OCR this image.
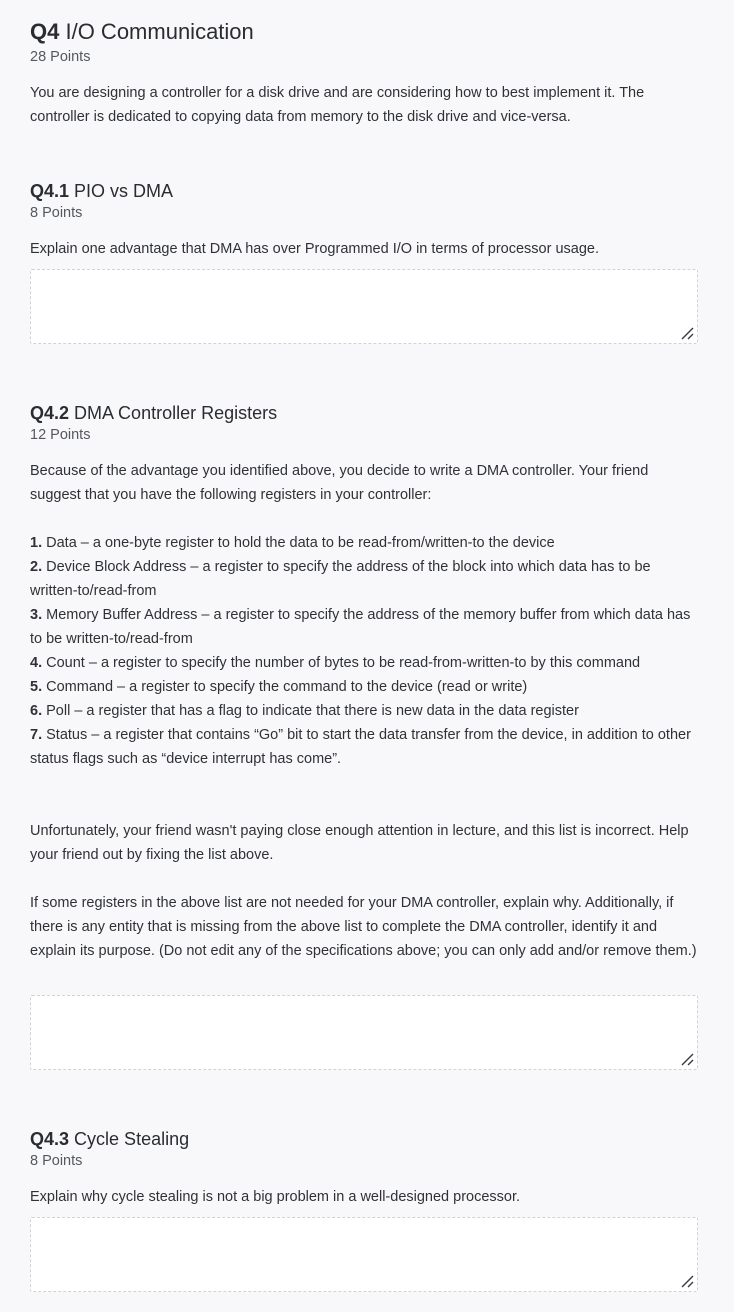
Q4 I/O Communication
28 Points

You are designing a controller for a disk drive and are considering how to best implement it. The controller is dedicated to copying data from memory to the disk drive and vice-versa.

Q4.1 PIO vs DMA
8 Points

Explain one advantage that DMA has over Programmed I/O in terms of processor usage.

Q4.2 DMA Controller Registers
12 Points

Because of the advantage you identified above, you decide to write a DMA controller. Your friend suggest that you have the following registers in your controller:

1. Data – a one-byte register to hold the data to be read-from/written-to the device
2. Device Block Address – a register to specify the address of the block into which data has to be written-to/read-from
3. Memory Buffer Address – a register to specify the address of the memory buffer from which data has to be written-to/read-from
4. Count – a register to specify the number of bytes to be read-from-written-to by this command
5. Command – a register to specify the command to the device (read or write)
6. Poll – a register that has a flag to indicate that there is new data in the data register
7. Status – a register that contains “Go” bit to start the data transfer from the device, in addition to other status flags such as “device interrupt has come”.

Unfortunately, your friend wasn't paying close enough attention in lecture, and this list is incorrect. Help your friend out by fixing the list above.

If some registers in the above list are not needed for your DMA controller, explain why. Additionally, if there is any entity that is missing from the above list to complete the DMA controller, identify it and explain its purpose. (Do not edit any of the specifications above; you can only add and/or remove them.)

Q4.3 Cycle Stealing
8 Points

Explain why cycle stealing is not a big problem in a well-designed processor.
